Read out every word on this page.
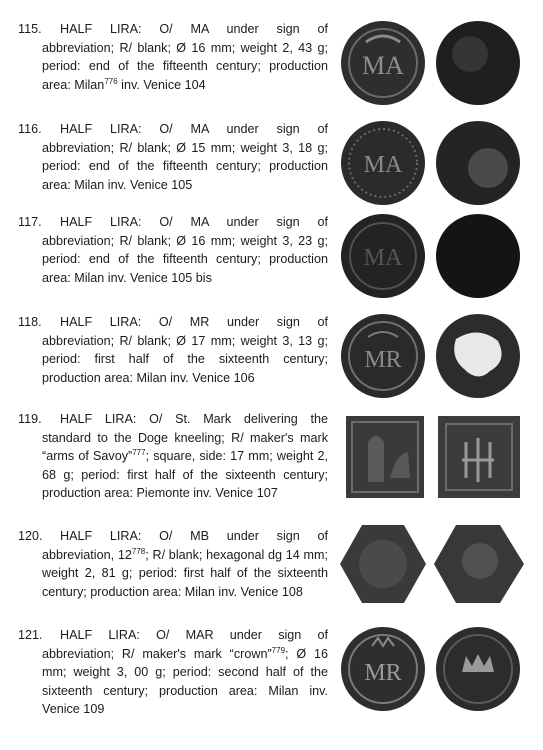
115. HALF LIRA: O/ MA under sign of
abbreviation; R/ blank; Ø 16 mm; weight 2, 43 g;
period: end of the fifteenth century; production
area: Milan$^{776}$ inv. Venice 104
MA
116. HALF LIRA: O/ MA under sign of
abbreviation; R/ blank; Ø 15 mm; weight 3, 18 g;
period: end of the fifteenth century; production
area: Milan inv. Venice 105
MA
117. HALF LIRA: O/ MA under sign of
abbreviation; R/ blank; Ø 16 mm; weight 3, 23 g;
period: end of the fifteenth century; production
area: Milan inv. Venice 105 bis
MA
118. HALF LIRA: O/ MR under sign of
abbreviation; R/ blank; Ø 17 mm; weight 3, 13 g;
period: first half of the sixteenth century;
production area: Milan inv. Venice 106
MR
119. HALF LIRA: O/ St. Mark delivering the
standard to the Doge kneeling; R/ maker's mark
“arms of Savoy”$^{777}$; square, side: 17 mm; weight 2,
68 g; period: first half of the sixteenth century;
production area: Piemonte inv. Venice 107
120. HALF LIRA: O/ MB under sign of
abbreviation, $12^{778}$; R/ blank; hexagonal dg 14 mm;
weight 2, 81 g; period: first half of the sixteenth
century; production area: Milan inv. Venice 108
121. HALF LIRA: O/ MAR under sign of
abbreviation; R/ maker's mark “crown”$^{779}$; Ø 16
mm; weight 3, 00 g; period: second half of the
sixteenth century; production area: Milan inv.
Venice 109
MR
